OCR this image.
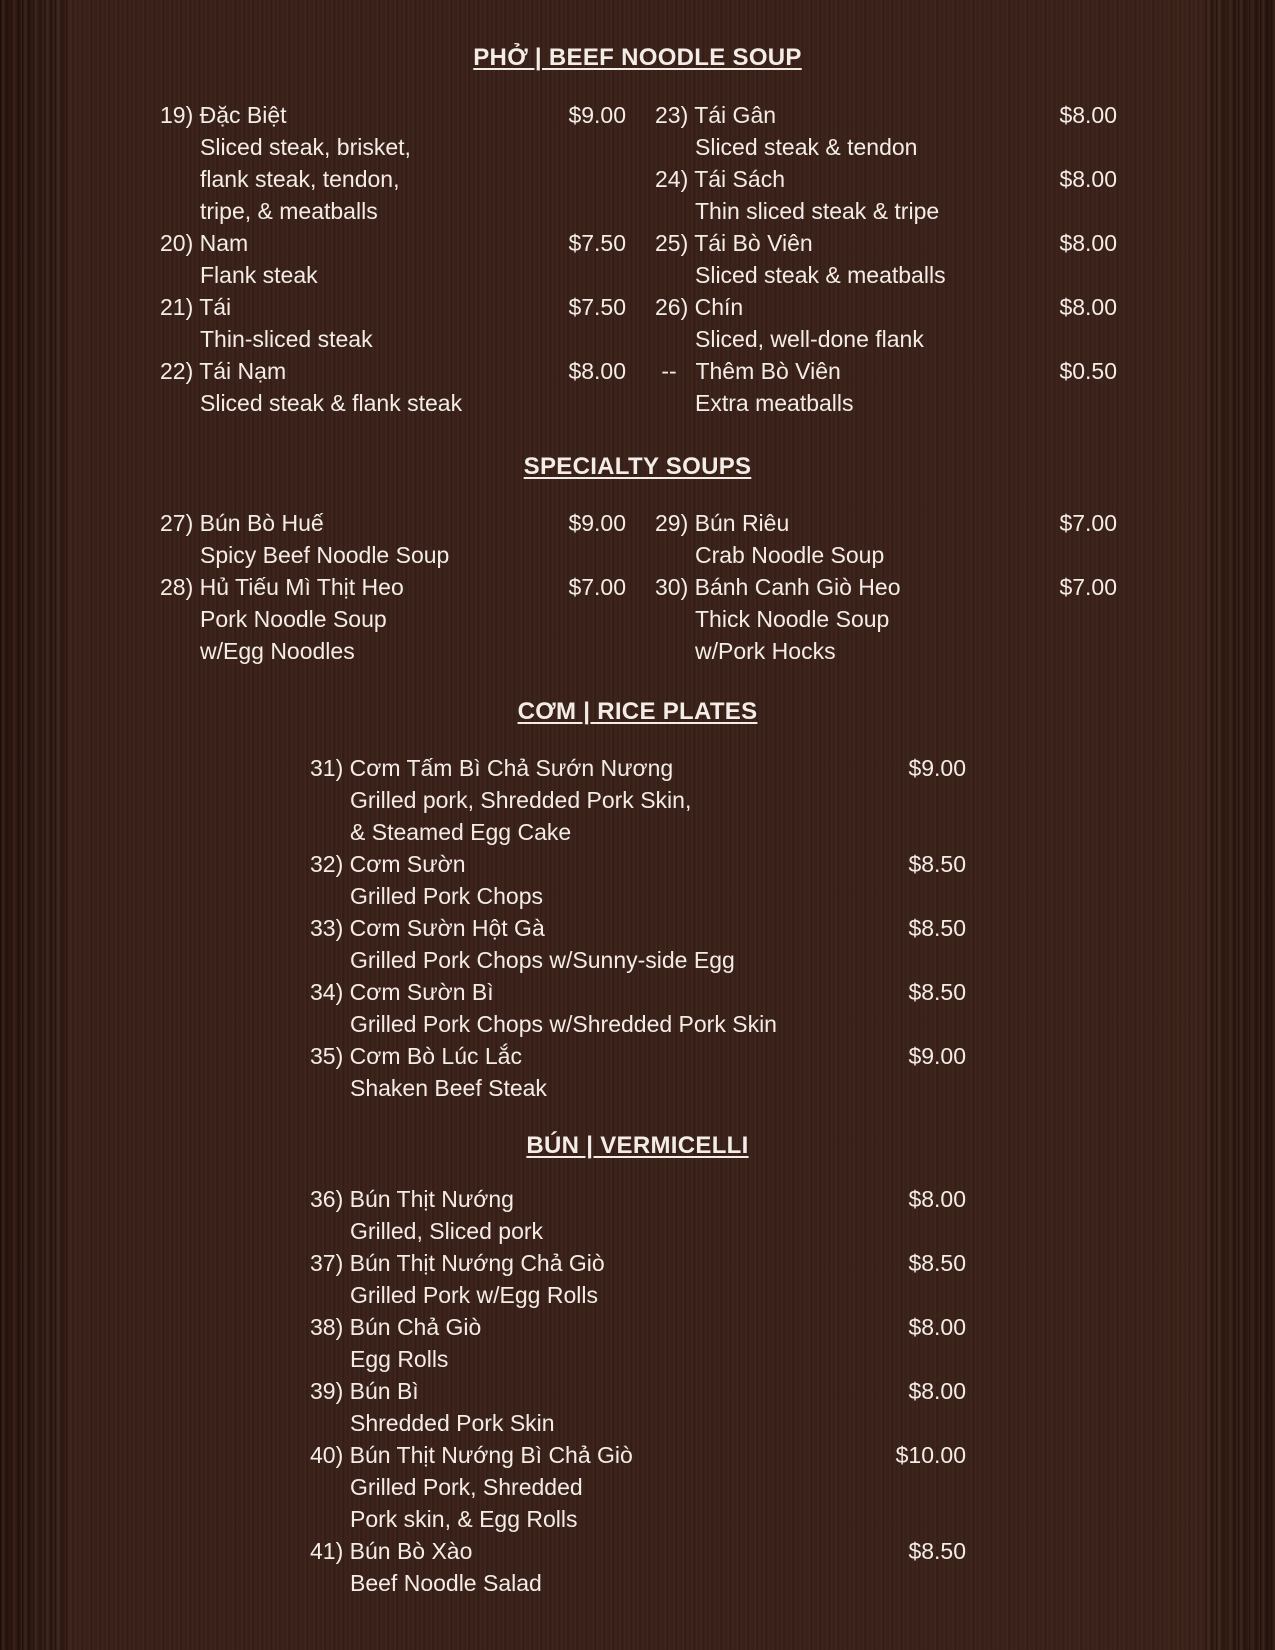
PHỞ | BEEF NOODLE SOUP
19) Đặc Biệt	$9.00
Sliced steak, brisket,
flank steak, tendon,
tripe, & meatballs
20) Nam	$7.50
Flank steak
21) Tái	$7.50
Thin-sliced steak
22) Tái Nạm	$8.00
Sliced steak & flank steak
23) Tái Gân	$8.00
Sliced steak & tendon
24) Tái Sách	$8.00
Thin sliced steak & tripe
25) Tái Bò Viên	$8.00
Sliced steak & meatballs
26) Chín	$8.00
Sliced, well-done flank
--   Thêm Bò Viên	$0.50
Extra meatballs
SPECIALTY SOUPS
27) Bún Bò Huế	$9.00
Spicy Beef Noodle Soup
28) Hủ Tiếu Mì Thịt Heo	$7.00
Pork Noodle Soup
w/Egg Noodles
29) Bún Riêu	$7.00
Crab Noodle Soup
30) Bánh Canh Giò Heo	$7.00
Thick Noodle Soup
w/Pork Hocks
CƠM | RICE PLATES
31) Cơm Tấm Bì Chả Sướn Nương	$9.00
Grilled pork, Shredded Pork Skin,
& Steamed Egg Cake
32) Cơm Sườn	$8.50
Grilled Pork Chops
33) Cơm Sườn Hột Gà	$8.50
Grilled Pork Chops w/Sunny-side Egg
34) Cơm Sườn Bì	$8.50
Grilled Pork Chops w/Shredded Pork Skin
35) Cơm Bò Lúc Lắc	$9.00
Shaken Beef Steak
BÚN | VERMICELLI
36) Bún Thịt Nướng	$8.00
Grilled, Sliced pork
37) Bún Thịt Nướng Chả Giò	$8.50
Grilled Pork w/Egg Rolls
38) Bún Chả Giò	$8.00
Egg Rolls
39) Bún Bì	$8.00
Shredded Pork Skin
40) Bún Thịt Nướng Bì Chả Giò	$10.00
Grilled Pork, Shredded
Pork skin, & Egg Rolls
41) Bún Bò Xào	$8.50
Beef Noodle Salad
